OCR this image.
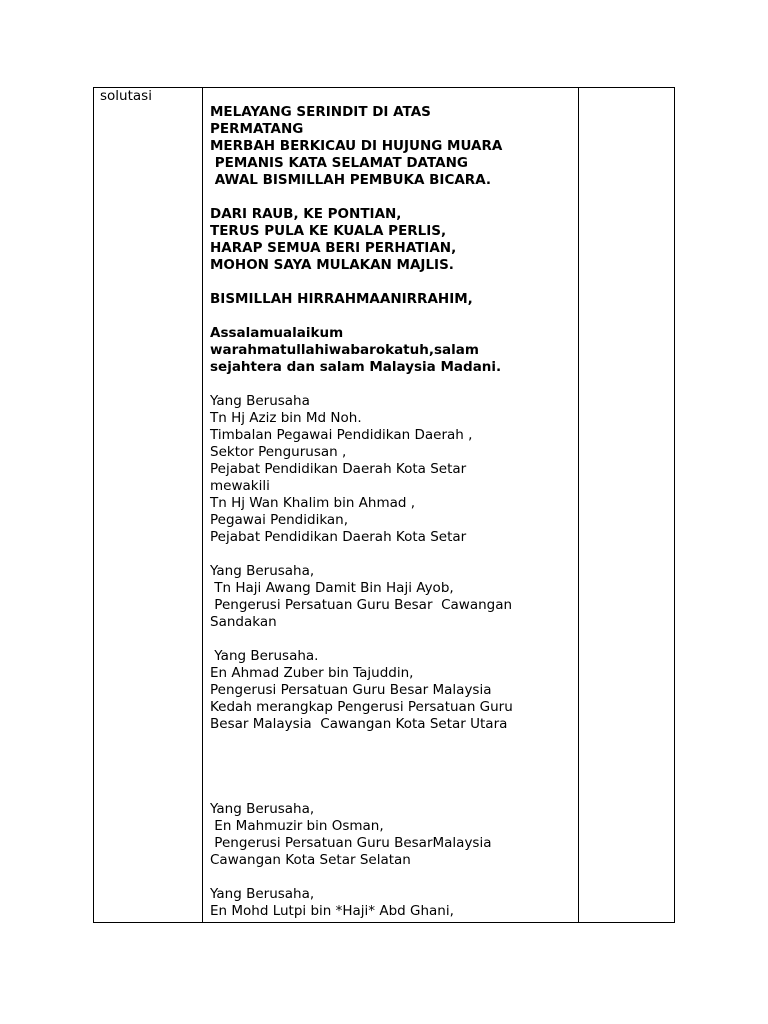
solutasi
MELAYANG SERINDIT DI ATAS
PERMATANG
MERBAH BERKICAU DI HUJUNG MUARA
PEMANIS KATA SELAMAT DATANG
AWAL BISMILLAH PEMBUKA BICARA.
DARI RAUB, KE PONTIAN,
TERUS PULA KE KUALA PERLIS,
HARAP SEMUA BERI PERHATIAN,
MOHON SAYA MULAKAN MAJLIS.
BISMILLAH HIRRAHMAANIRRAHIM,
Assalamualaikum
warahmatullahiwabarokatuh,salam
sejahtera dan salam Malaysia Madani.
Yang Berusaha
Tn Hj Aziz bin Md Noh.
Timbalan Pegawai Pendidikan Daerah ,
Sektor Pengurusan ,
Pejabat Pendidikan Daerah Kota Setar
mewakili
Tn Hj Wan Khalim bin Ahmad ,
Pegawai Pendidikan,
Pejabat Pendidikan Daerah Kota Setar
Yang Berusaha,
Tn Haji Awang Damit Bin Haji Ayob,
Pengerusi Persatuan Guru Besar  Cawangan
Sandakan
Yang Berusaha.
En Ahmad Zuber bin Tajuddin,
Pengerusi Persatuan Guru Besar Malaysia
Kedah merangkap Pengerusi Persatuan Guru
Besar Malaysia  Cawangan Kota Setar Utara
Yang Berusaha,
En Mahmuzir bin Osman,
Pengerusi Persatuan Guru BesarMalaysia
Cawangan Kota Setar Selatan
Yang Berusaha,
En Mohd Lutpi bin *Haji* Abd Ghani,
